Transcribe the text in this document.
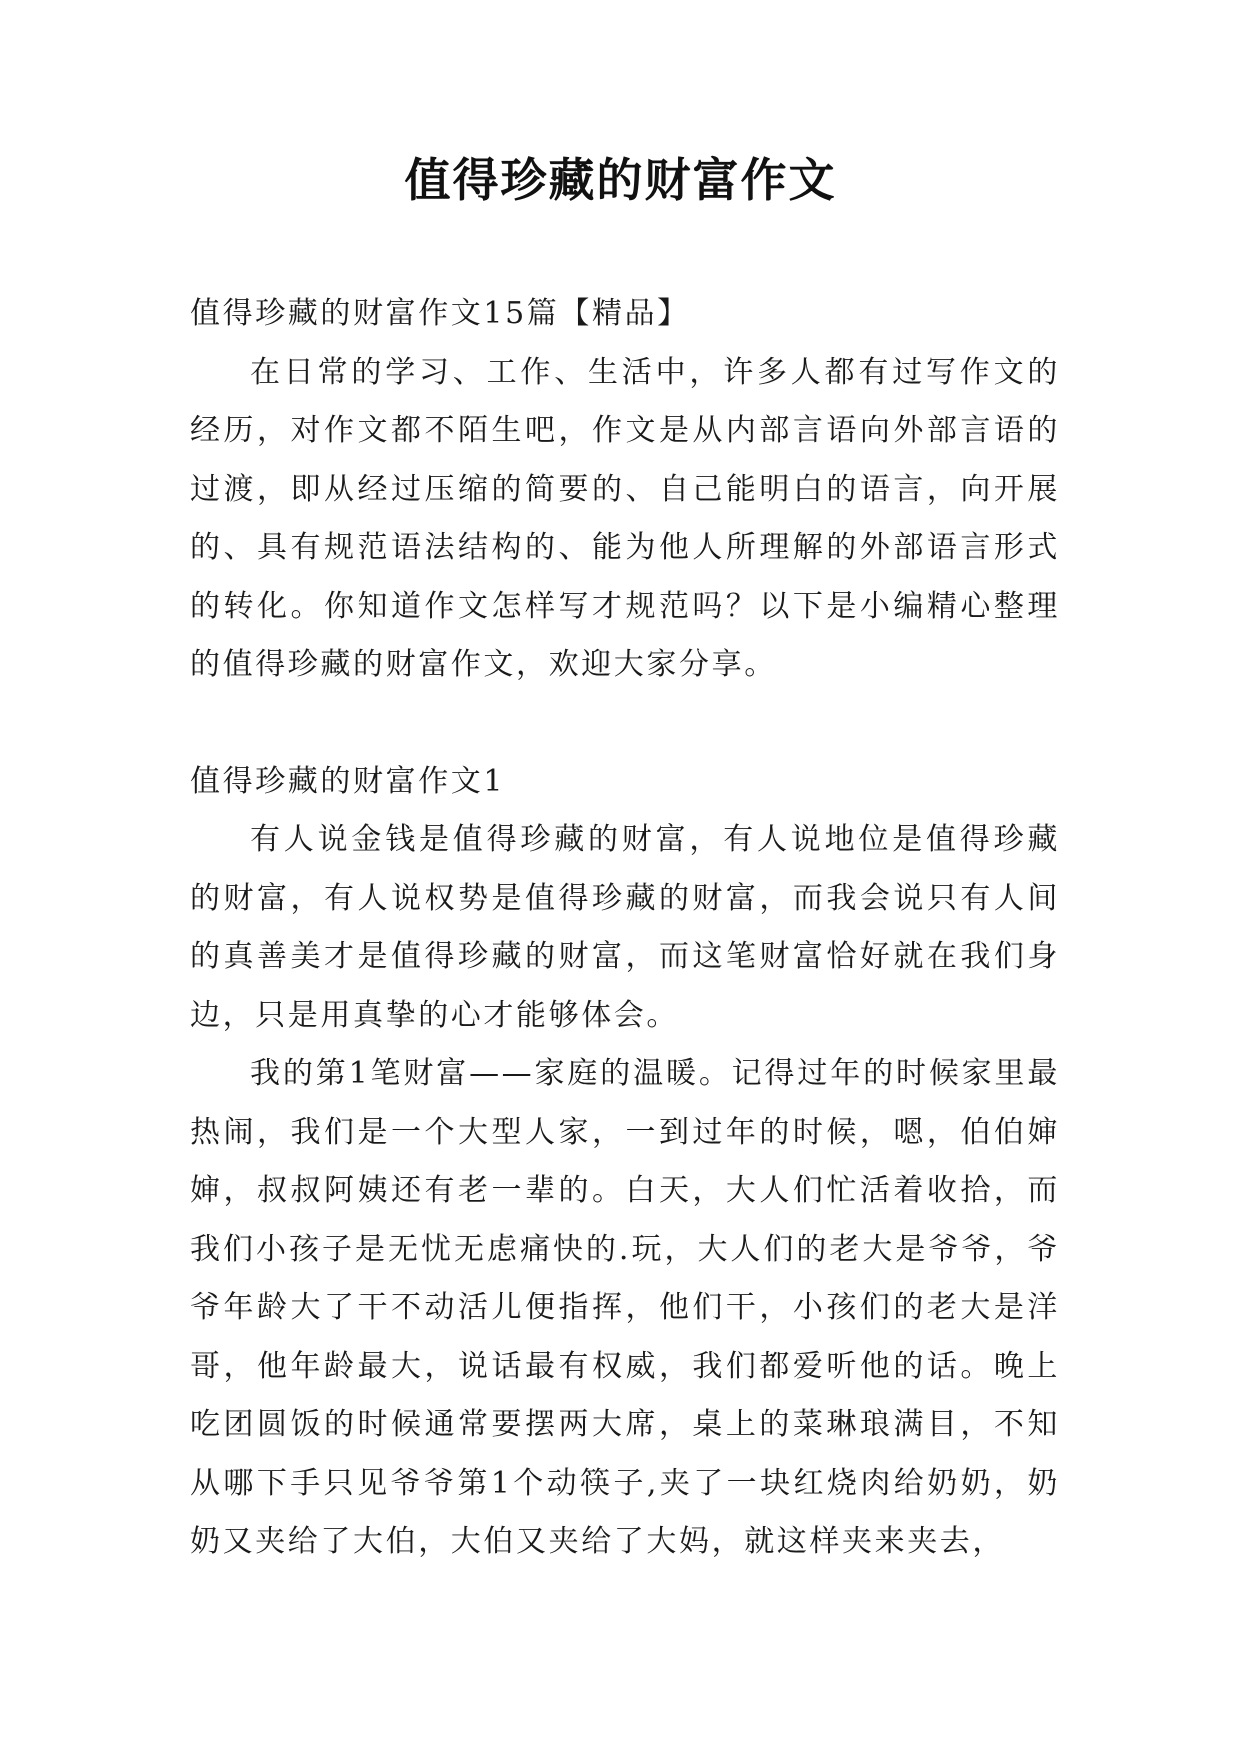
值得珍藏的财富作文

值得珍藏的财富作文15篇【精品】

在日常的学习、工作、生活中，许多人都有过写作文的经历，对作文都不陌生吧，作文是从内部言语向外部言语的过渡，即从经过压缩的简要的、自己能明白的语言，向开展的、具有规范语法结构的、能为他人所理解的外部语言形式的转化。你知道作文怎样写才规范吗？以下是小编精心整理的值得珍藏的财富作文，欢迎大家分享。

值得珍藏的财富作文1

有人说金钱是值得珍藏的财富，有人说地位是值得珍藏的财富，有人说权势是值得珍藏的财富，而我会说只有人间的真善美才是值得珍藏的财富，而这笔财富恰好就在我们身边，只是用真挚的心才能够体会。

我的第1笔财富——家庭的温暖。记得过年的时候家里最热闹，我们是一个大型人家，一到过年的时候，嗯，伯伯婶婶，叔叔阿姨还有老一辈的。白天，大人们忙活着收拾，而我们小孩子是无忧无虑痛快的.玩，大人们的老大是爷爷，爷爷年龄大了干不动活儿便指挥，他们干，小孩们的老大是洋哥，他年龄最大，说话最有权威，我们都爱听他的话。晚上吃团圆饭的时候通常要摆两大席，桌上的菜琳琅满目，不知从哪下手只见爷爷第1个动筷子,夹了一块红烧肉给奶奶，奶奶又夹给了大伯，大伯又夹给了大妈，就这样夹来夹去，
